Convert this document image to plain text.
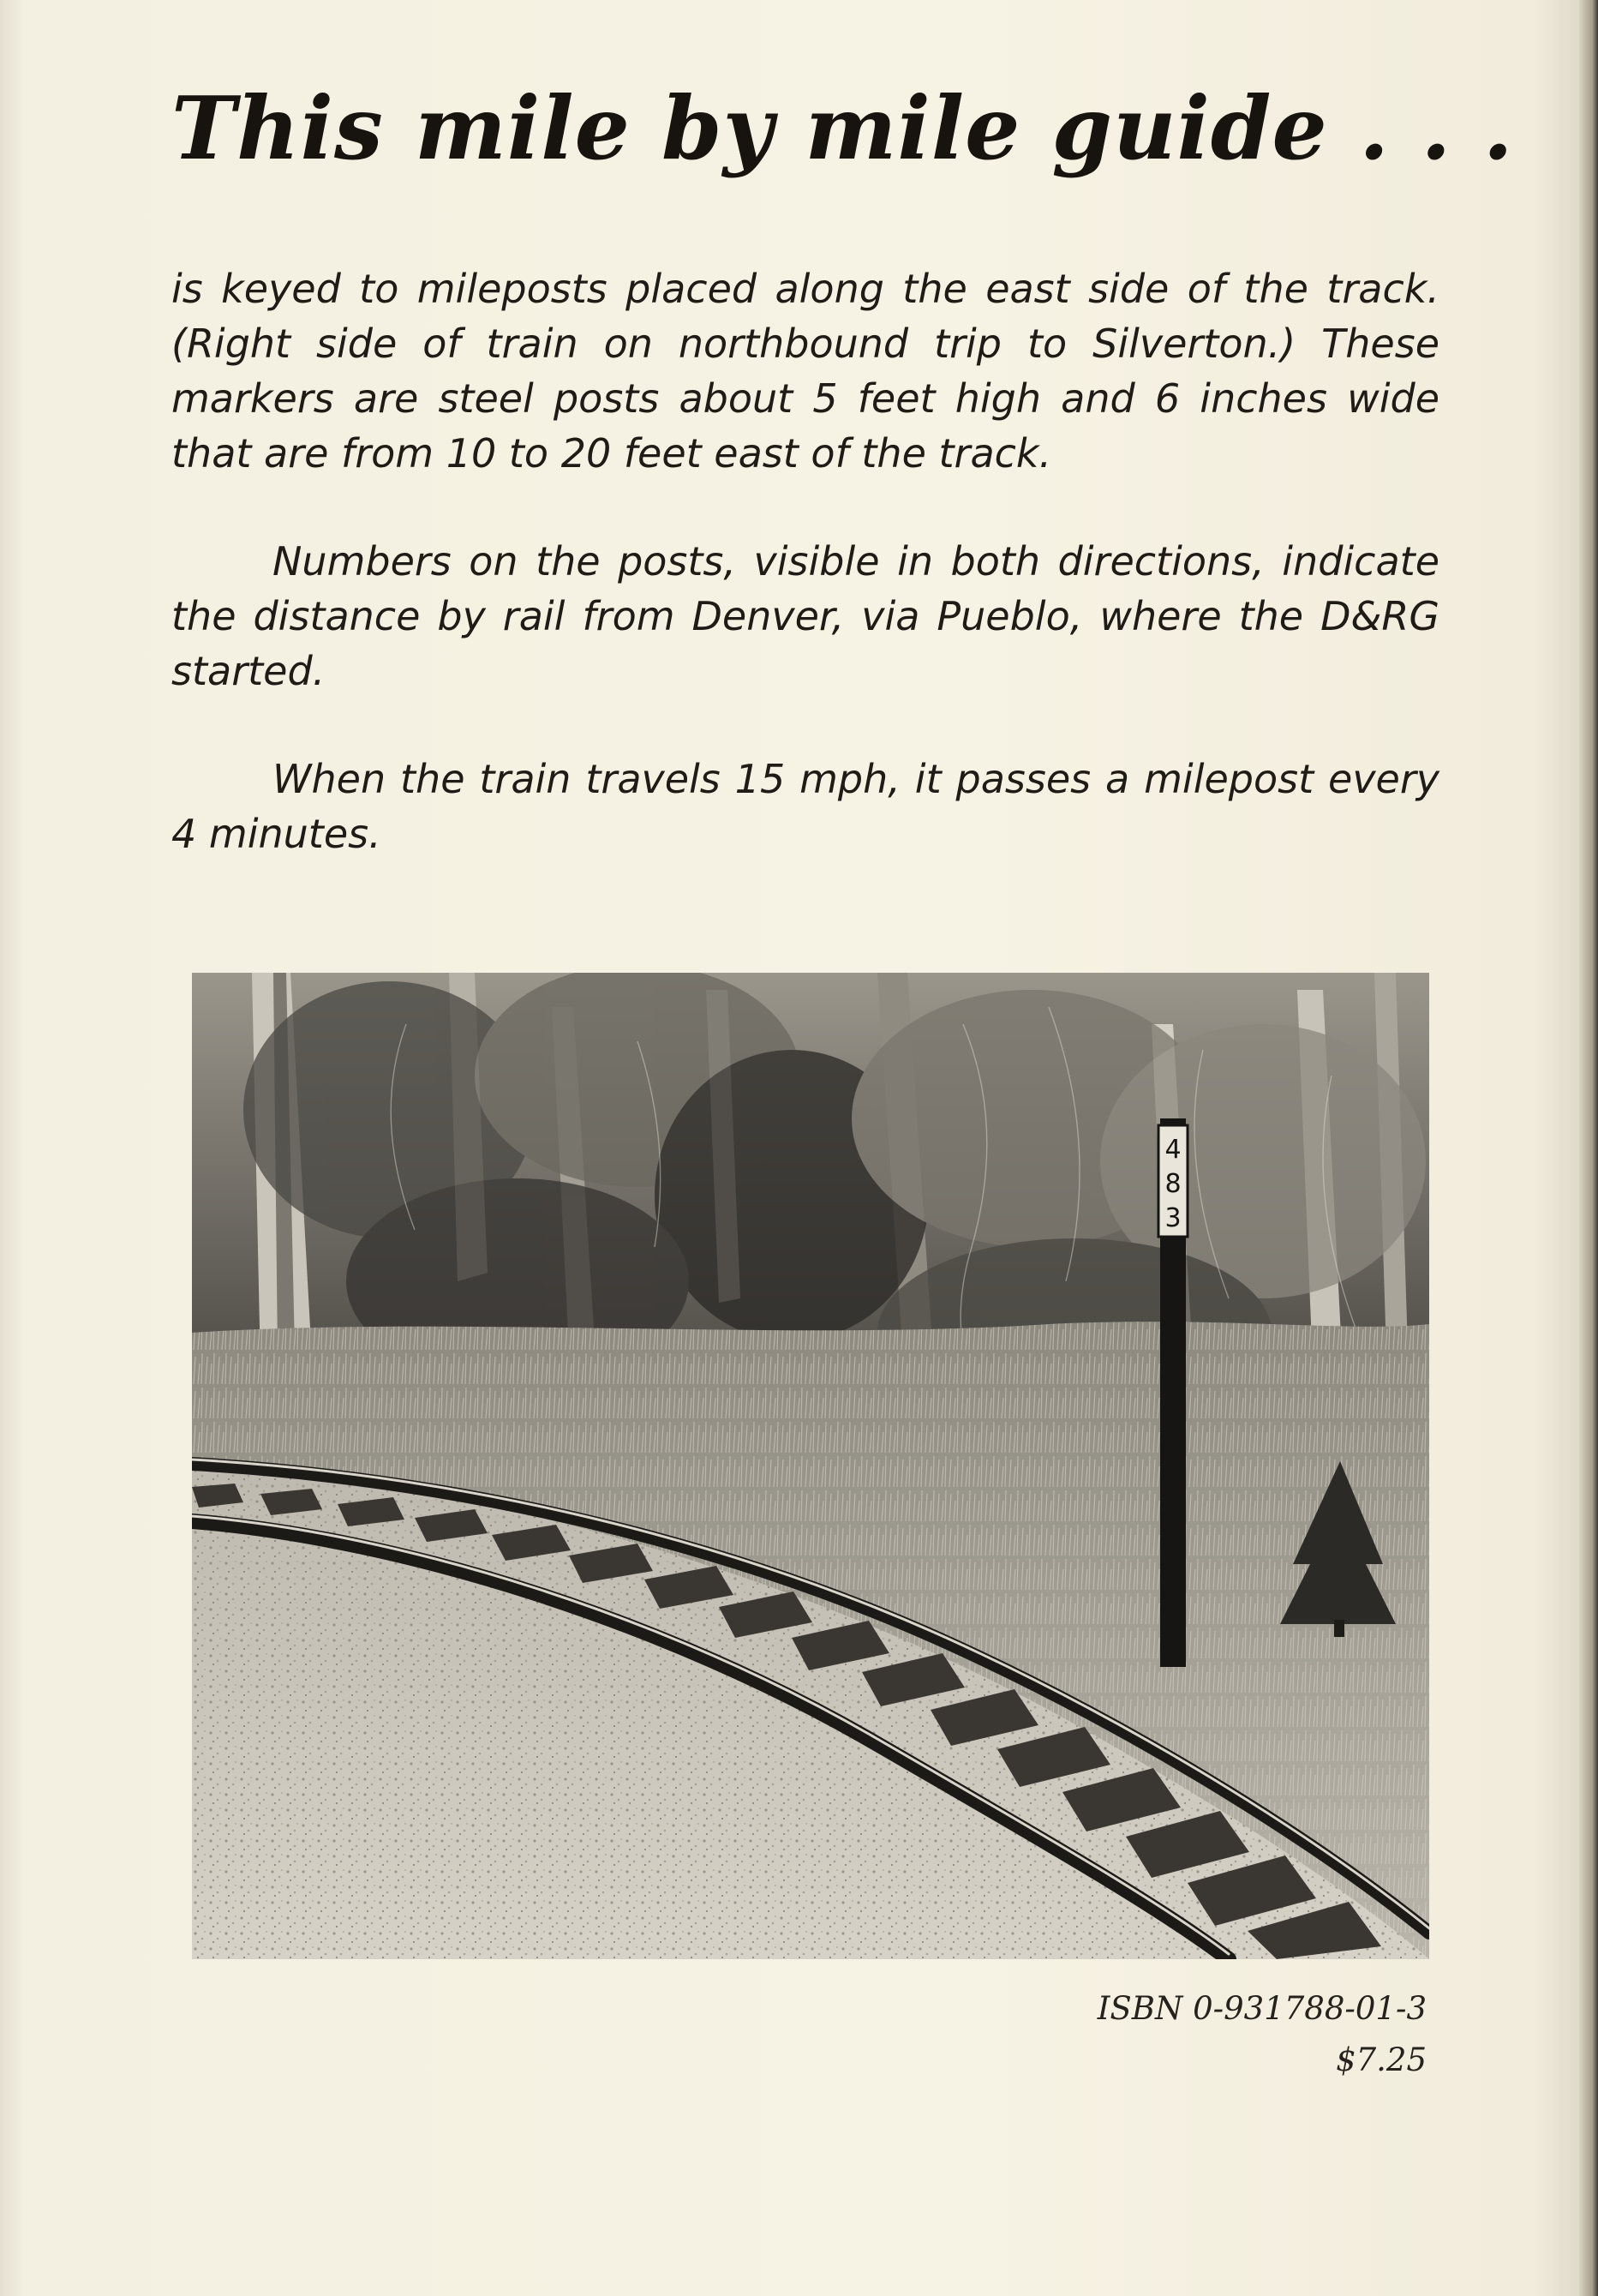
This mile by mile guide . . .

is keyed to mileposts placed along the east side of the track. (Right side of train on northbound trip to Silverton.) These markers are steel posts about 5 feet high and 6 inches wide that are from 10 to 20 feet east of the track.

Numbers on the posts, visible in both directions, indicate the distance by rail from Denver, via Pueblo, where the D&RG started.

When the train travels 15 mph, it passes a milepost every 4 minutes.

4
8
3

ISBN 0-931788-01-3

$7.25
